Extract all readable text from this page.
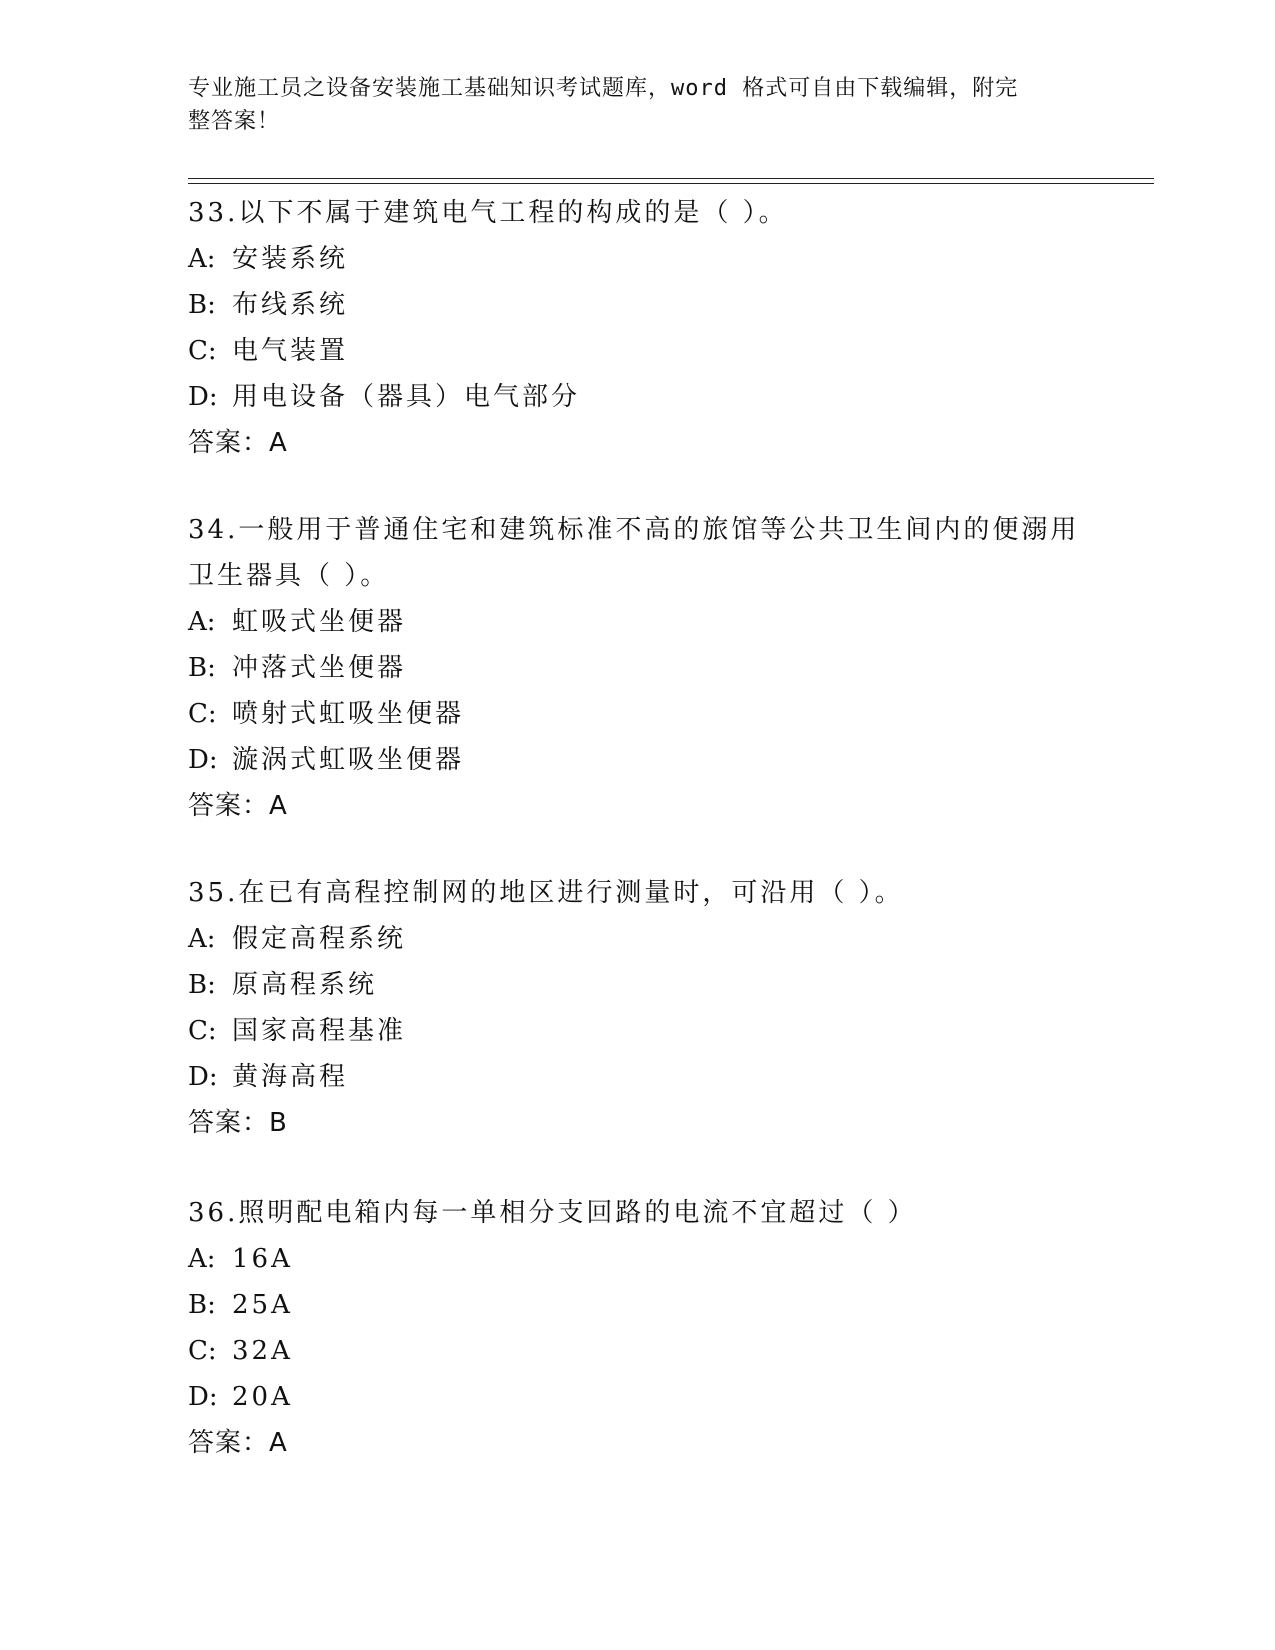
专业施工员之设备安装施工基础知识考试题库，word 格式可自由下载编辑，附完
整答案！
33.以下不属于建筑电气工程的构成的是（ ）。
A: 安装系统
B: 布线系统
C: 电气装置
D: 用电设备（器具）电气部分
答案：A
34.一般用于普通住宅和建筑标准不高的旅馆等公共卫生间内的便溺用
卫生器具（ ）。
A: 虹吸式坐便器
B: 冲落式坐便器
C: 喷射式虹吸坐便器
D: 漩涡式虹吸坐便器
答案：A
35.在已有高程控制网的地区进行测量时，可沿用（ ）。
A: 假定高程系统
B: 原高程系统
C: 国家高程基准
D: 黄海高程
答案：B
36.照明配电箱内每一单相分支回路的电流不宜超过（ ）
A: 16A
B: 25A
C: 32A
D: 20A
答案：A
